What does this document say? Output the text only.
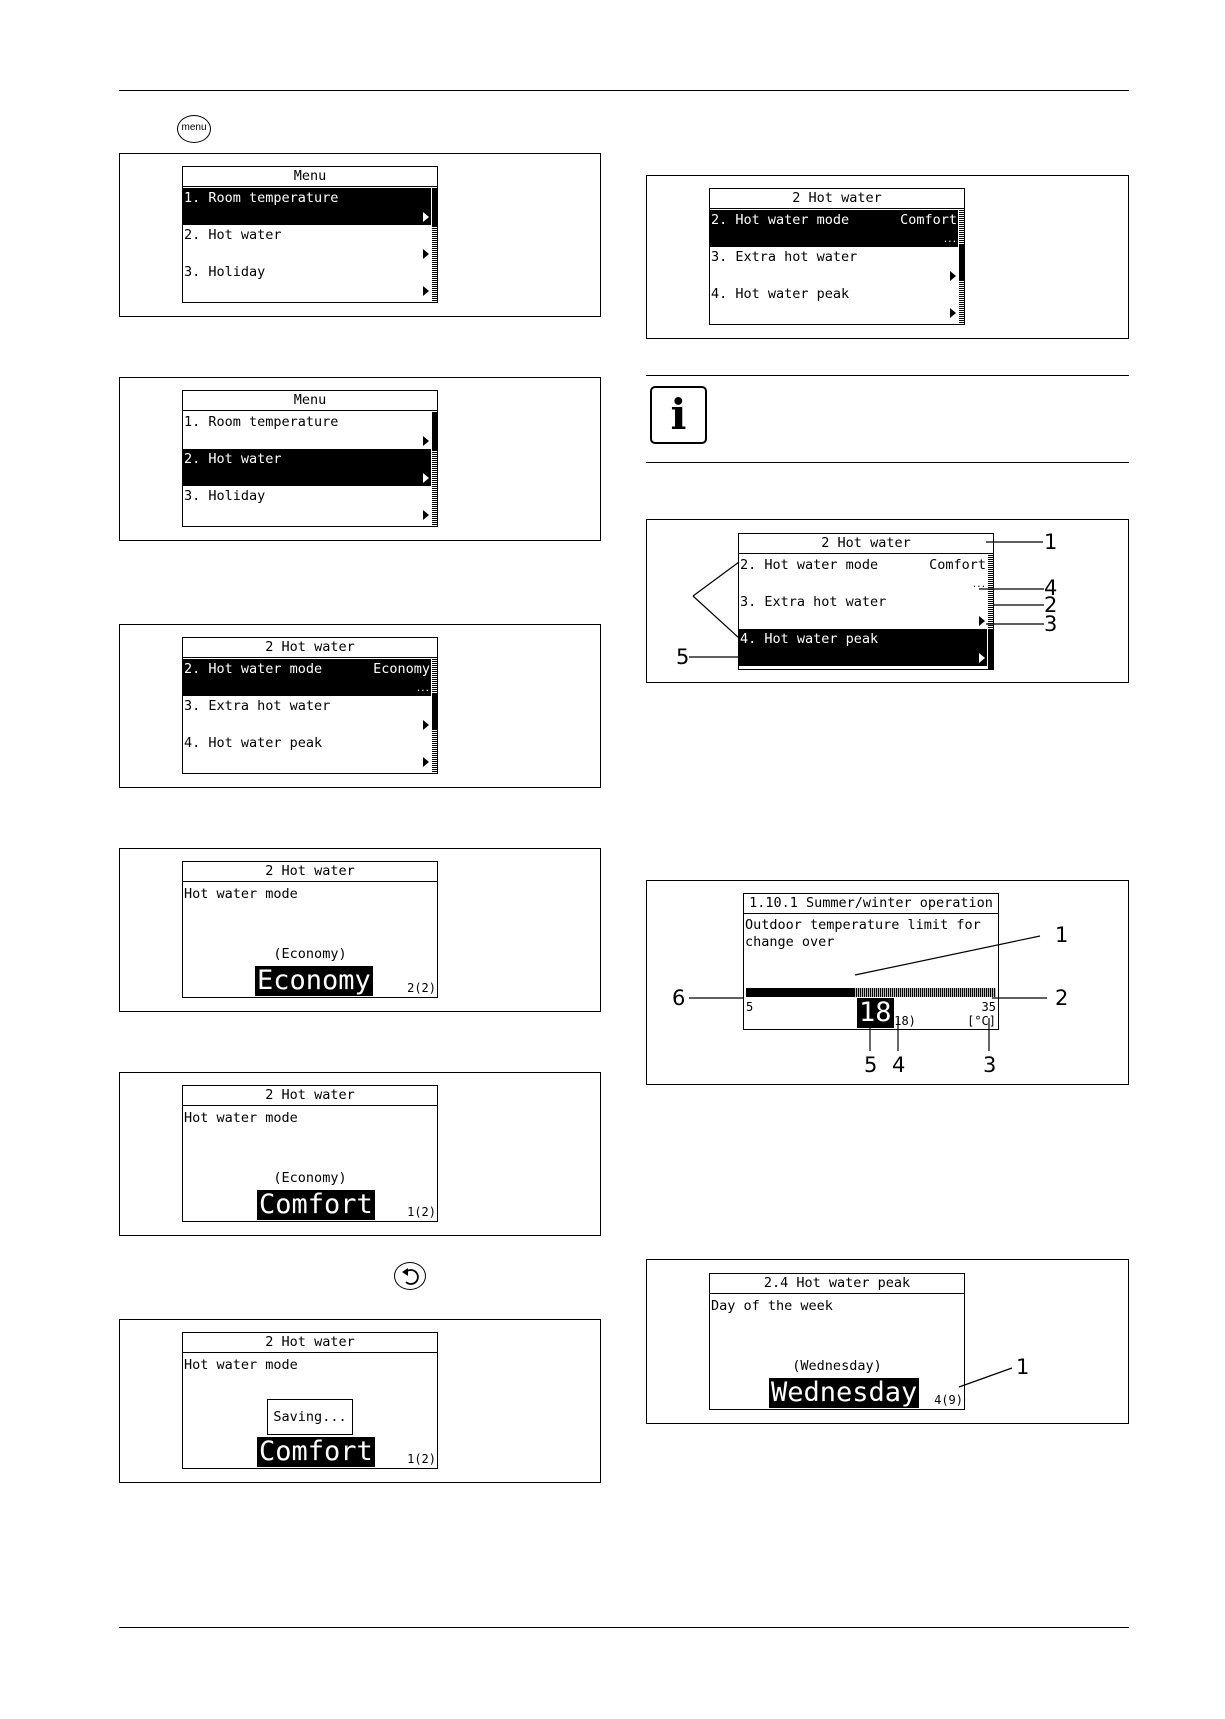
menu
Menu
1. Room temperature
2. Hot water
3. Holiday
Menu
1. Room temperature
2. Hot water
3. Holiday
2 Hot water
2. Hot water mode	Economy
...
3. Extra hot water
4. Hot water peak
2 Hot water
Hot water mode
(Economy)
Economy	2(2)
2 Hot water
Hot water mode
(Economy)
Comfort	1(2)
2 Hot water
Hot water mode
Saving...
Comfort	1(2)
2 Hot water
2. Hot water mode	Comfort
...
3. Extra hot water
4. Hot water peak
i
2 Hot water
2. Hot water mode	Comfort
...
3. Extra hot water
4. Hot water peak
1
4
2
3
5
1.10.1 Summer/winter operation
Outdoor temperature limit for
change over
5	35
18
(18)	[°C]
1
6	2
5 4	3
2.4 Hot water peak
Day of the week
(Wednesday)
Wednesday 4(9)
1
